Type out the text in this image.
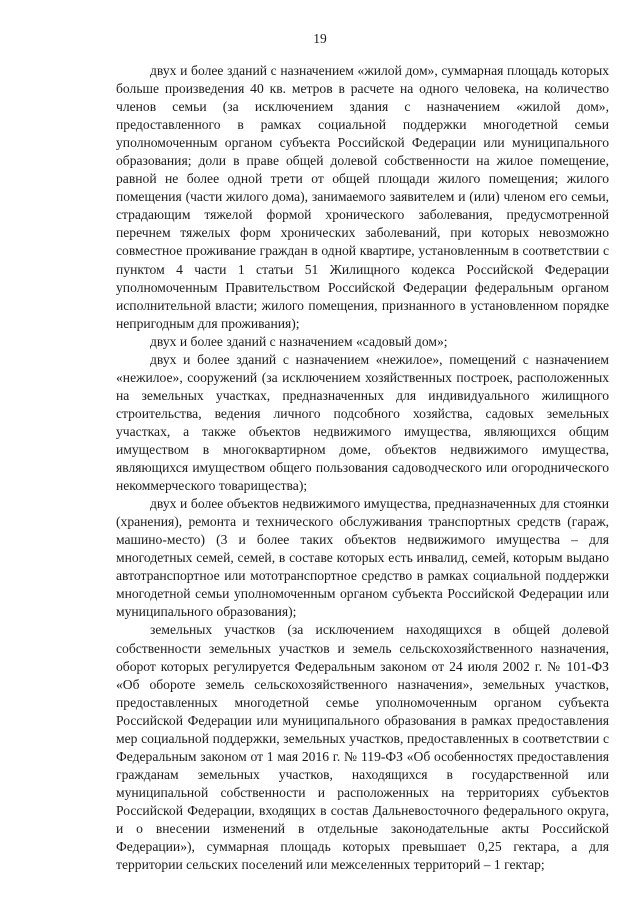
19

двух и более зданий с назначением «жилой дом», суммарная площадь которых больше произведения 40 кв. метров в расчете на одного человека, на количество членов семьи (за исключением здания с назначением «жилой дом», предоставленного в рамках социальной поддержки многодетной семьи уполномоченным органом субъекта Российской Федерации или муниципального образования; доли в праве общей долевой собственности на жилое помещение, равной не более одной трети от общей площади жилого помещения; жилого помещения (части жилого дома), занимаемого заявителем и (или) членом его семьи, страдающим тяжелой формой хронического заболевания, предусмотренной перечнем тяжелых форм хронических заболеваний, при которых невозможно совместное проживание граждан в одной квартире, установленным в соответствии с пунктом 4 части 1 статьи 51 Жилищного кодекса Российской Федерации уполномоченным Правительством Российской Федерации федеральным органом исполнительной власти; жилого помещения, признанного в установленном порядке непригодным для проживания);

двух и более зданий с назначением «садовый дом»;

двух и более зданий с назначением «нежилое», помещений с назначением «нежилое», сооружений (за исключением хозяйственных построек, расположенных на земельных участках, предназначенных для индивидуального жилищного строительства, ведения личного подсобного хозяйства, садовых земельных участках, а также объектов недвижимого имущества, являющихся общим имуществом в многоквартирном доме, объектов недвижимого имущества, являющихся имуществом общего пользования садоводческого или огороднического некоммерческого товарищества);

двух и более объектов недвижимого имущества, предназначенных для стоянки (хранения), ремонта и технического обслуживания транспортных средств (гараж, машино-место) (3 и более таких объектов недвижимого имущества – для многодетных семей, семей, в составе которых есть инвалид, семей, которым выдано автотранспортное или мототранспортное средство в рамках социальной поддержки многодетной семьи уполномоченным органом субъекта Российской Федерации или муниципального образования);

земельных участков (за исключением находящихся в общей долевой собственности земельных участков и земель сельскохозяйственного назначения, оборот которых регулируется Федеральным законом от 24 июля 2002 г. № 101-ФЗ «Об обороте земель сельскохозяйственного назначения», земельных участков, предоставленных многодетной семье уполномоченным органом субъекта Российской Федерации или муниципального образования в рамках предоставления мер социальной поддержки, земельных участков, предоставленных в соответствии с Федеральным законом от 1 мая 2016 г. № 119-ФЗ «Об особенностях предоставления гражданам земельных участков, находящихся в государственной или муниципальной собственности и расположенных на территориях субъектов Российской Федерации, входящих в состав Дальневосточного федерального округа, и о внесении изменений в отдельные законодательные акты Российской Федерации»), суммарная площадь которых превышает 0,25 гектара, а для территории сельских поселений или межселенных территорий – 1 гектар;
